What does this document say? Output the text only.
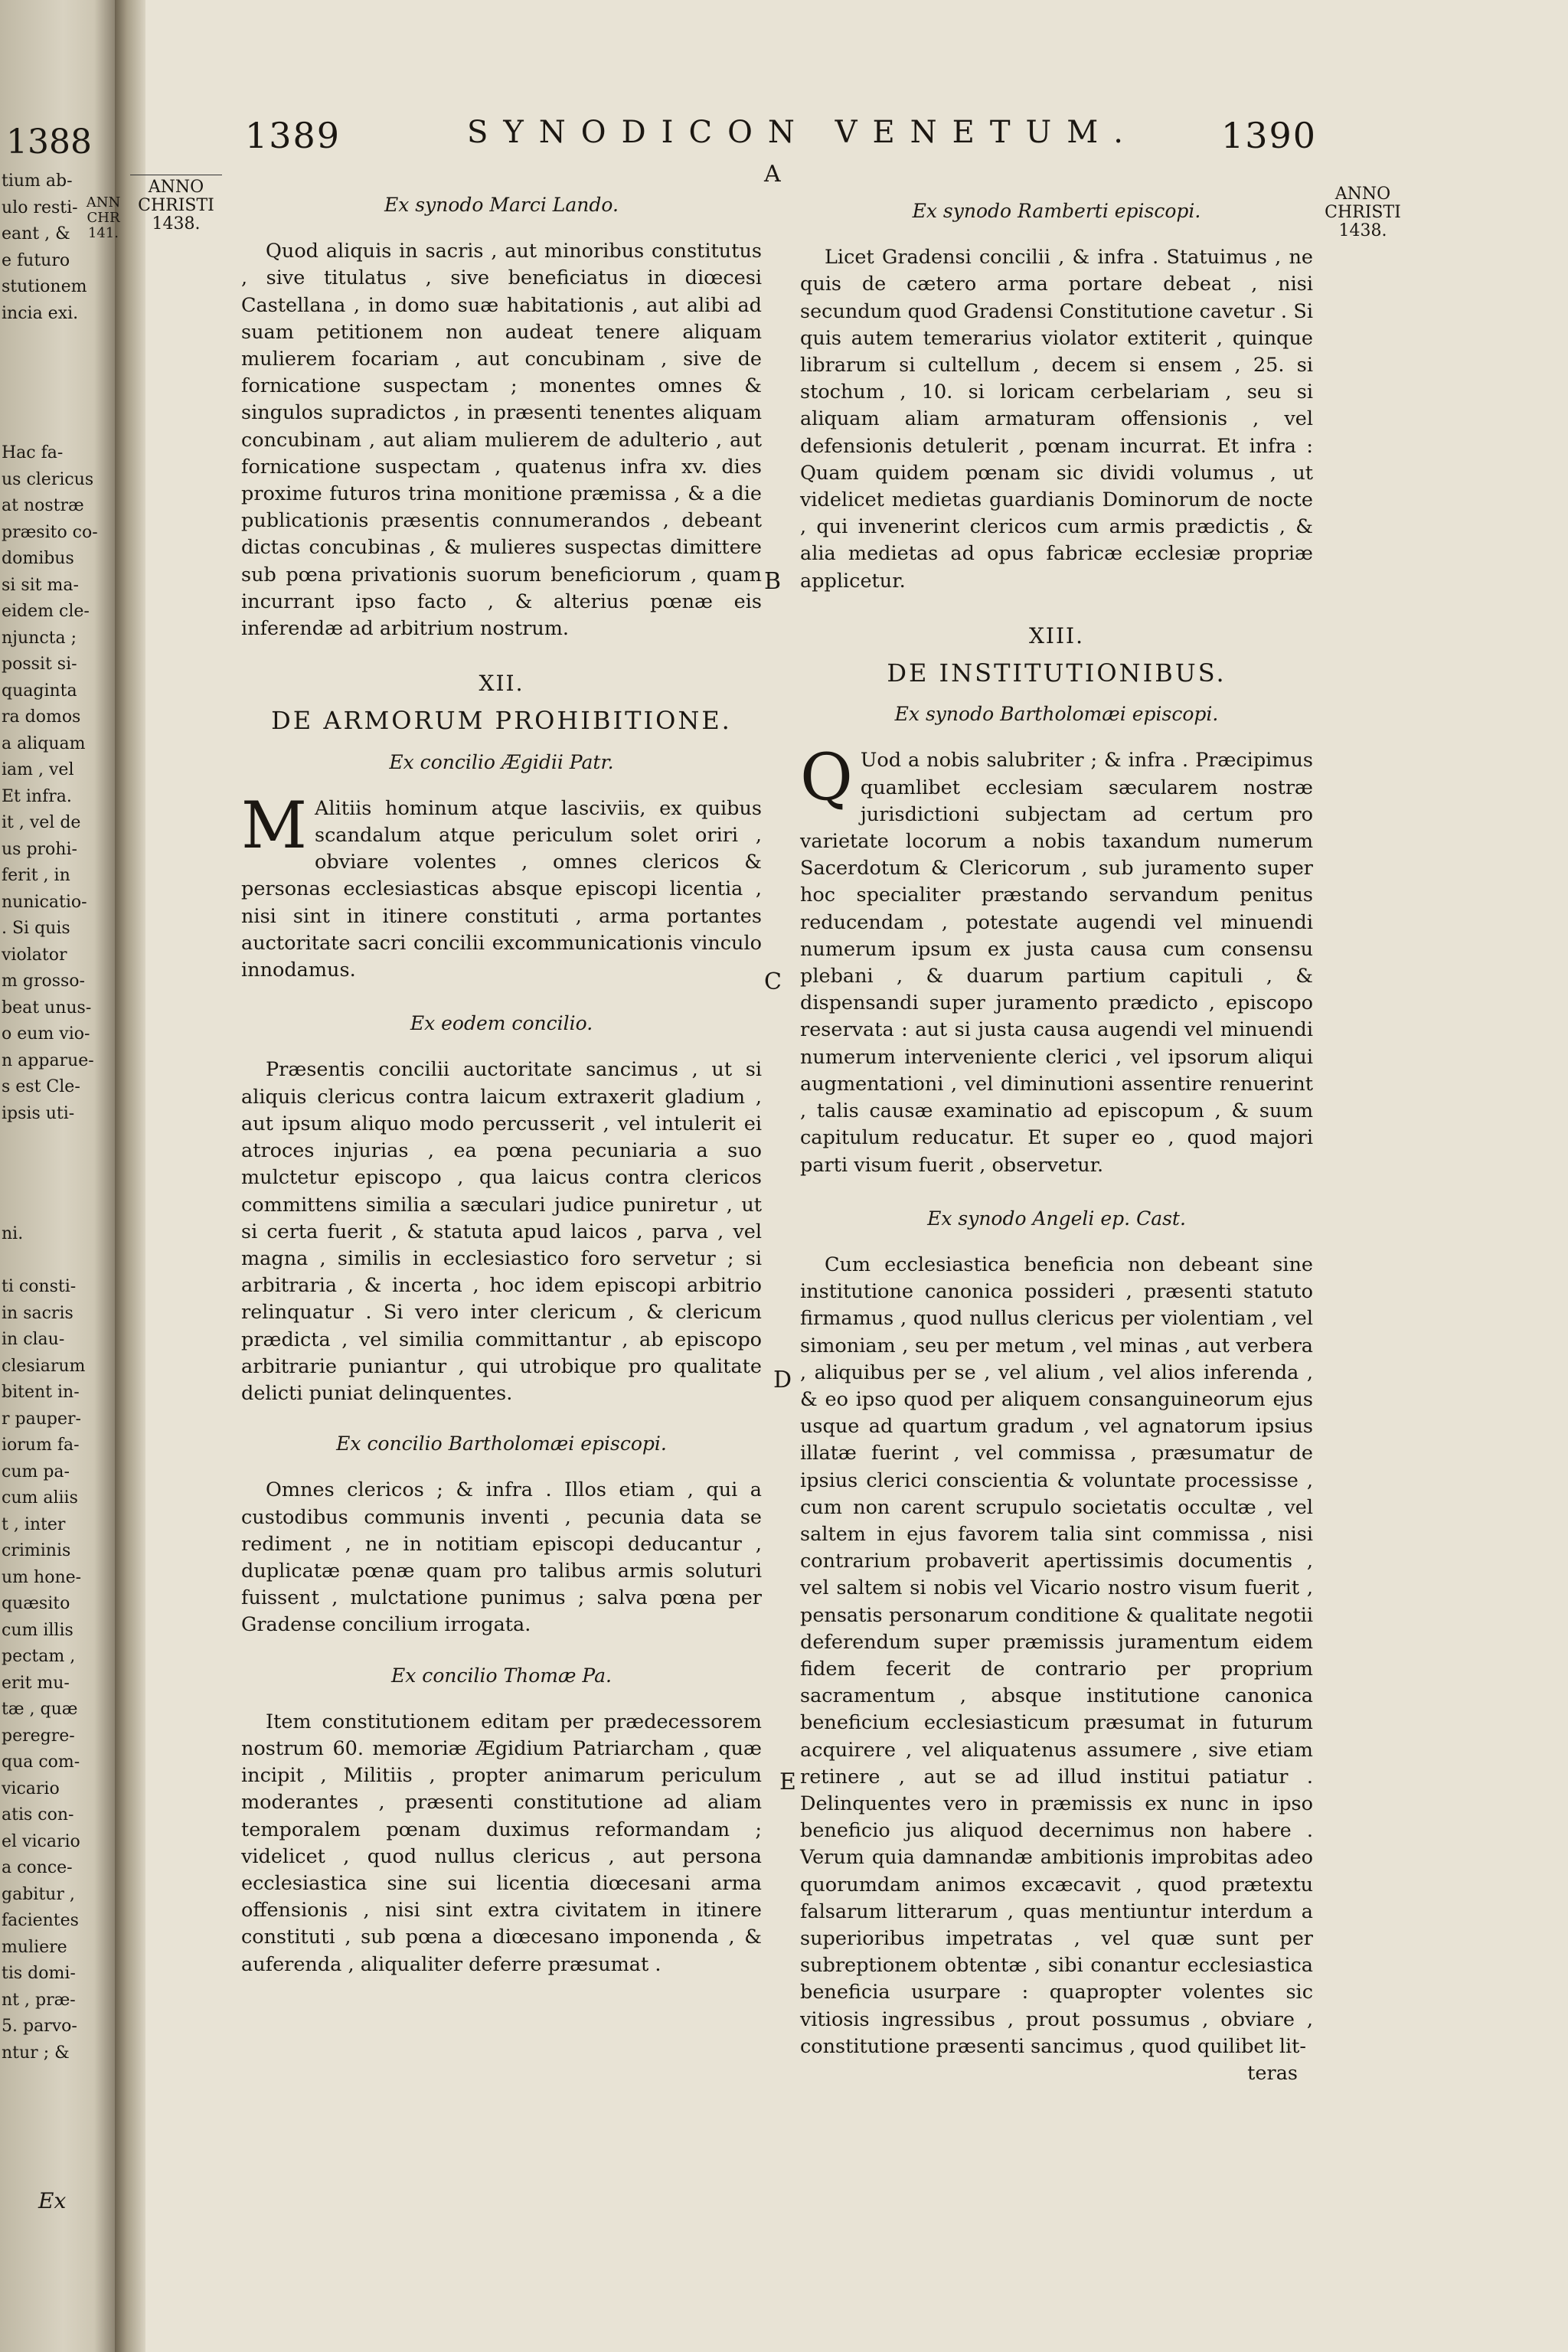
1388
tium ab-
ulo resti-
eant , &
e futuro
stutionem
incia exi.
Hac fa-
us clericus
at nostræ
præsito co-
domibus
si sit ma-
eidem cle-
njuncta ;
possit si-
quaginta
ra domos
a aliquam
iam , vel
Et infra.
it , vel de
us prohi-
ferit , in
nunicatio-
. Si quis
violator
m grosso-
beat unus-
o eum vio-
n apparue-
s est Cle-
ipsis uti-
ni.

ti consti-
in sacris
in clau-
clesiarum
bitent in-
r pauper-
iorum fa-
cum pa-
cum aliis
t , inter
criminis
um hone-
quæsito
cum illis
pectam ,
erit mu-
tæ , quæ
peregre-
qua com-
vicario
atis con-
el vicario
a conce-
gabitur ,
facientes
muliere
tis domi-
nt , præ-
5. parvo-
ntur ; &
Ex
ANN
CHR
141.
1389	SYNODICON VENETUM. 1390
ANNO
CHRISTI
1438.
ANNO
CHRISTI
1438.
A
B
C
D
E
Ex synodo Marci Lando.

Quod aliquis in sacris , aut minoribus constitutus , sive titulatus , sive beneficiatus in diœcesi Castellana , in domo suæ habitationis , aut alibi ad suam petitionem non audeat tenere aliquam mulierem focariam , aut concubinam , sive de fornicatione suspectam ; monentes omnes & singulos supradictos , in præsenti tenentes aliquam concubinam , aut aliam mulierem de adulterio , aut fornicatione suspectam , quatenus infra xv. dies proxime futuros trina monitione præmissa , & a die publicationis præsentis connumerandos , debeant dictas concubinas , & mulieres suspectas dimittere sub pœna privationis suorum beneficiorum , quam incurrant ipso facto , & alterius pœnæ eis inferendæ ad arbitrium nostrum.

XII.
DE ARMORUM PROHIBITIONE.
Ex concilio Ægidii Patr.

M Alitiis hominum atque lasciviis, ex quibus scandalum atque periculum solet oriri , obviare volentes , omnes clericos & personas ecclesiasticas absque episcopi licentia , nisi sint in itinere constituti , arma portantes auctoritate sacri concilii excommunicationis vinculo innodamus.

Ex eodem concilio.

Præsentis concilii auctoritate sancimus , ut si aliquis clericus contra laicum extraxerit gladium , aut ipsum aliquo modo percusserit , vel intulerit ei atroces injurias , ea pœna pecuniaria a suo mulctetur episcopo , qua laicus contra clericos committens similia a sæculari judice puniretur , ut si certa fuerit , & statuta apud laicos , parva , vel magna , similis in ecclesiastico foro servetur ; si arbitraria , & incerta , hoc idem episcopi arbitrio relinquatur . Si vero inter clericum , & clericum prædicta , vel similia committantur , ab episcopo arbitrarie puniantur , qui utrobique pro qualitate delicti puniat delinquentes.

Ex concilio Bartholomæi episcopi.

Omnes clericos ; & infra . Illos etiam , qui a custodibus communis inventi , pecunia data se rediment , ne in notitiam episcopi deducantur , duplicatæ pœnæ quam pro talibus armis soluturi fuissent , mulctatione punimus ; salva pœna per Gradense concilium irrogata.

Ex concilio Thomæ Pa.

Item constitutionem editam per prædecessorem nostrum 60. memoriæ Ægidium Patriarcham , quæ incipit , Militiis , propter animarum periculum moderantes , præsenti constitutione ad aliam temporalem pœnam duximus reformandam ; videlicet , quod nullus clericus , aut persona ecclesiastica sine sui licentia diœcesani arma offensionis , nisi sint extra civitatem in itinere constituti , sub pœna a diœcesano imponenda , & auferenda , aliqualiter deferre præsumat .

Ex synodo Ramberti episcopi.

Licet Gradensi concilii , & infra . Statuimus , ne quis de cætero arma portare debeat , nisi secundum quod Gradensi Constitutione cavetur . Si quis autem temerarius violator extiterit , quinque librarum si cultellum , decem si ensem , 25. si stochum , 10. si loricam cerbelariam , seu si aliquam aliam armaturam offensionis , vel defensionis detulerit , pœnam incurrat. Et infra : Quam quidem pœnam sic dividi volumus , ut videlicet medietas guardianis Dominorum de nocte , qui invenerint clericos cum armis prædictis , & alia medietas ad opus fabricæ ecclesiæ propriæ applicetur.

XIII.
DE INSTITUTIONIBUS.
Ex synodo Bartholomæi episcopi.

Q Uod a nobis salubriter ; & infra . Præcipimus quamlibet ecclesiam sæcularem nostræ jurisdictioni subjectam ad certum pro varietate locorum a nobis taxandum numerum Sacerdotum & Clericorum , sub juramento super hoc specialiter præstando servandum penitus reducendam , potestate augendi vel minuendi numerum ipsum ex justa causa cum consensu plebani , & duarum partium capituli , & dispensandi super juramento prædicto , episcopo reservata : aut si justa causa augendi vel minuendi numerum interveniente clerici , vel ipsorum aliqui augmentationi , vel diminutioni assentire renuerint , talis causæ examinatio ad episcopum , & suum capitulum reducatur. Et super eo , quod majori parti visum fuerit , observetur.

Ex synodo Angeli ep. Cast.

Cum ecclesiastica beneficia non debeant sine institutione canonica possideri , præsenti statuto firmamus , quod nullus clericus per violentiam , vel simoniam , seu per metum , vel minas , aut verbera , aliquibus per se , vel alium , vel alios inferenda , & eo ipso quod per aliquem consanguineorum ejus usque ad quartum gradum , vel agnatorum ipsius illatæ fuerint , vel commissa , præsumatur de ipsius clerici conscientia & voluntate processisse , cum non carent scrupulo societatis occultæ , vel saltem in ejus favorem talia sint commissa , nisi contrarium probaverit apertissimis documentis , vel saltem si nobis vel Vicario nostro visum fuerit , pensatis personarum conditione & qualitate negotii deferendum super præmissis juramentum eidem fidem fecerit de contrario per proprium sacramentum , absque institutione canonica beneficium ecclesiasticum præsumat in futurum acquirere , vel aliquatenus assumere , sive etiam retinere , aut se ad illud institui patiatur . Delinquentes vero in præmissis ex nunc in ipso beneficio jus aliquod decernimus non habere . Verum quia damnandæ ambitionis improbitas adeo quorumdam animos excæcavit , quod prætextu falsarum litterarum , quas mentiuntur interdum a superioribus impetratas , vel quæ sunt per subreptionem obtentæ , sibi conantur ecclesiastica beneficia usurpare : quapropter volentes sic vitiosis ingressibus , prout possumus , obviare , constitutione præsenti sancimus , quod quilibet lit-

teras
